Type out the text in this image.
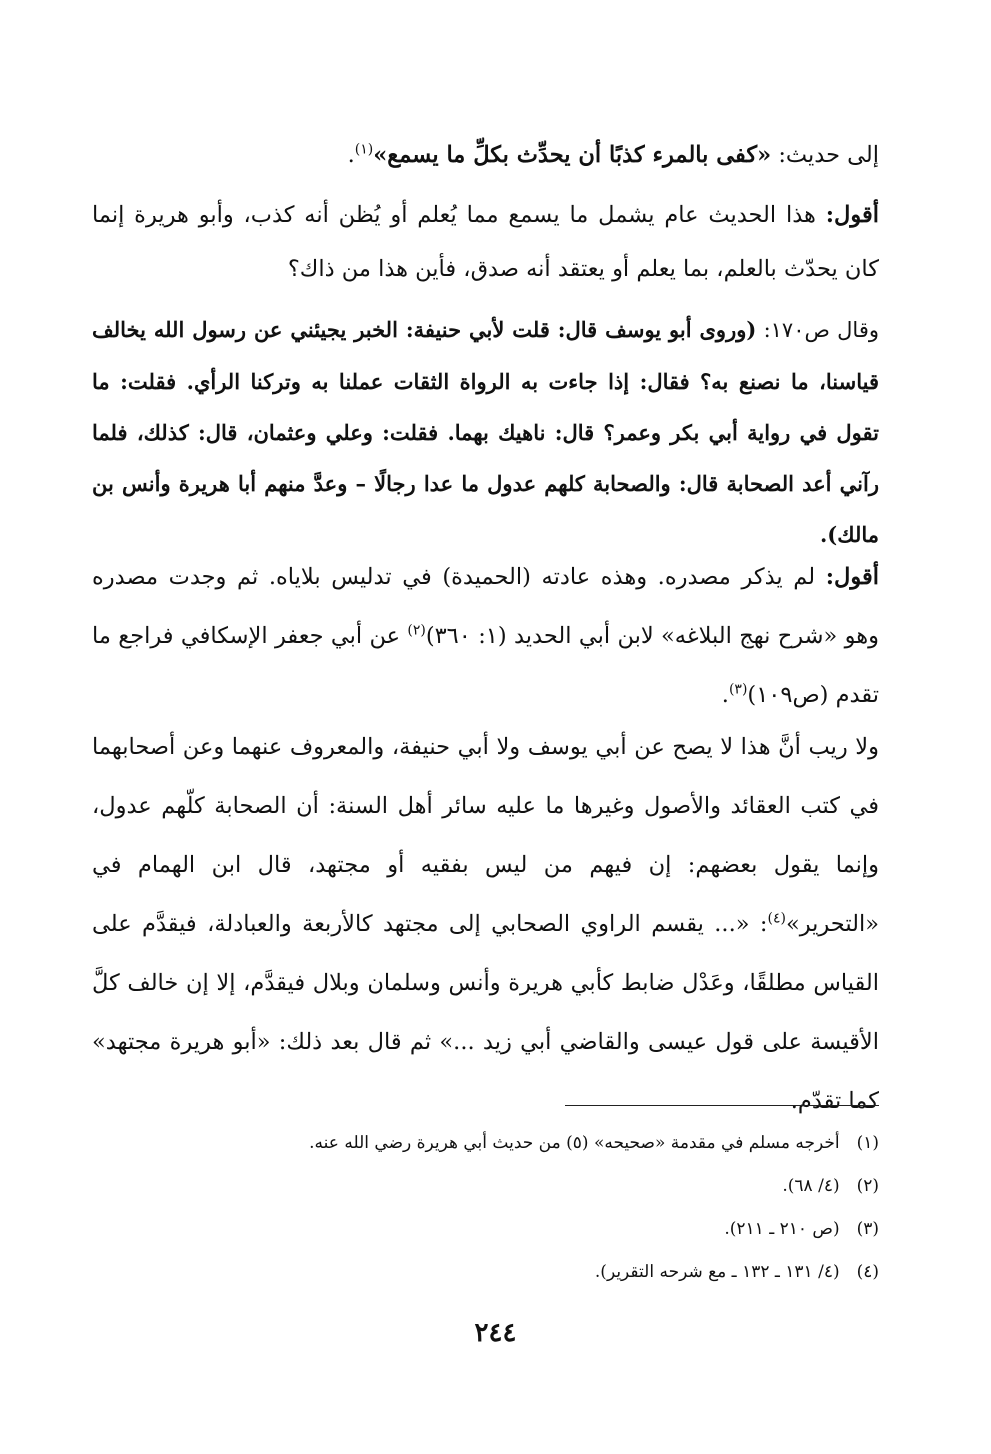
إلى حديث: «كفى بالمرء كذبًا أن يحدِّث بكلِّ ما يسمع»$^{(١)}$.

أقول: هذا الحديث عام يشمل ما يسمع مما يُعلم أو يُظن أنه كذب، وأبو هريرة إنما كان يحدّث بالعلم، بما يعلم أو يعتقد أنه صدق، فأين هذا من ذاك؟

وقال ص١٧٠: (وروى أبو يوسف قال: قلت لأبي حنيفة: الخبر يجيئني عن رسول الله يخالف قياسنا، ما نصنع به؟ فقال: إذا جاءت به الرواة الثقات عملنا به وتركنا الرأي. فقلت: ما تقول في رواية أبي بكر وعمر؟ قال: ناهيك بهما. فقلت: وعلي وعثمان، قال: كذلك، فلما رآني أعد الصحابة قال: والصحابة كلهم عدول ما عدا رجالًا – وعدَّ منهم أبا هريرة وأنس بن مالك).

أقول: لم يذكر مصدره. وهذه عادته (الحميدة) في تدليس بلاياه. ثم وجدت مصدره وهو «شرح نهج البلاغه» لابن أبي الحديد (١: ٣٦٠)$^{(٢)}$ عن أبي جعفر الإسكافي فراجع ما تقدم (ص١٠٩)$^{(٣)}$.

ولا ريب أنَّ هذا لا يصح عن أبي يوسف ولا أبي حنيفة، والمعروف عنهما وعن أصحابهما في كتب العقائد والأصول وغيرها ما عليه سائر أهل السنة: أن الصحابة كلّهم عدول، وإنما يقول بعضهم: إن فيهم من ليس بفقيه أو مجتهد، قال ابن الهمام في «التحرير»$^{(٤)}$: «... يقسم الراوي الصحابي إلى مجتهد كالأربعة والعبادلة، فيقدَّم على القياس مطلقًا، وعَدْل ضابط كأبي هريرة وأنس وسلمان وبلال فيقدَّم، إلا إن خالف كلَّ الأقيسة على قول عيسى والقاضي أبي زيد ...» ثم قال بعد ذلك: «أبو هريرة مجتهد» كما تقدّم.

(١) أخرجه مسلم في مقدمة «صحيحه» (٥) من حديث أبي هريرة رضي الله عنه.

(٢) (٤/ ٦٨).

(٣) (ص ٢١٠ ـ ٢١١).

(٤) (٤/ ١٣١ ـ ١٣٢ ـ مع شرحه التقرير).

٢٤٤
